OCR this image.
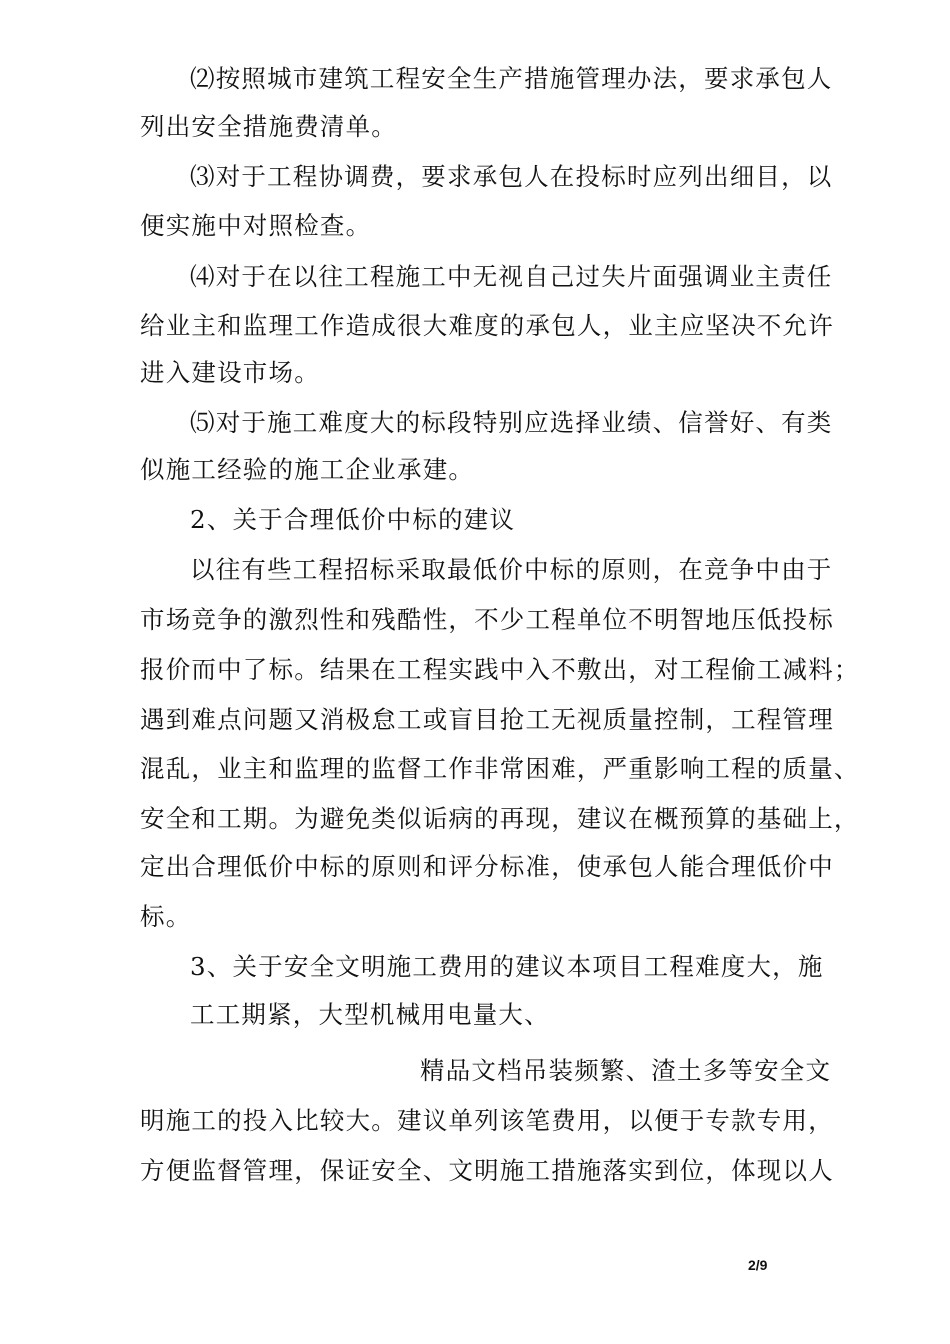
⑵按照城市建筑工程安全生产措施管理办法，要求承包人
列出安全措施费清单。
⑶对于工程协调费，要求承包人在投标时应列出细目，以
便实施中对照检查。
⑷对于在以往工程施工中无视自己过失片面强调业主责任
给业主和监理工作造成很大难度的承包人，业主应坚决不允许
进入建设市场。
⑸对于施工难度大的标段特别应选择业绩、信誉好、有类
似施工经验的施工企业承建。
2、关于合理低价中标的建议
以往有些工程招标采取最低价中标的原则，在竞争中由于
市场竞争的激烈性和残酷性，不少工程单位不明智地压低投标
报价而中了标。结果在工程实践中入不敷出，对工程偷工减料；
遇到难点问题又消极怠工或盲目抢工无视质量控制，工程管理
混乱，业主和监理的监督工作非常困难，严重影响工程的质量、
安全和工期。为避免类似诟病的再现，建议在概预算的基础上，
定出合理低价中标的原则和评分标准，使承包人能合理低价中
标。
3、关于安全文明施工费用的建议本项目工程难度大，施
工工期紧，大型机械用电量大、
精品文档吊装频繁、渣土多等安全文
明施工的投入比较大。建议单列该笔费用，以便于专款专用，
方便监督管理，保证安全、文明施工措施落实到位，体现以人
2/9
